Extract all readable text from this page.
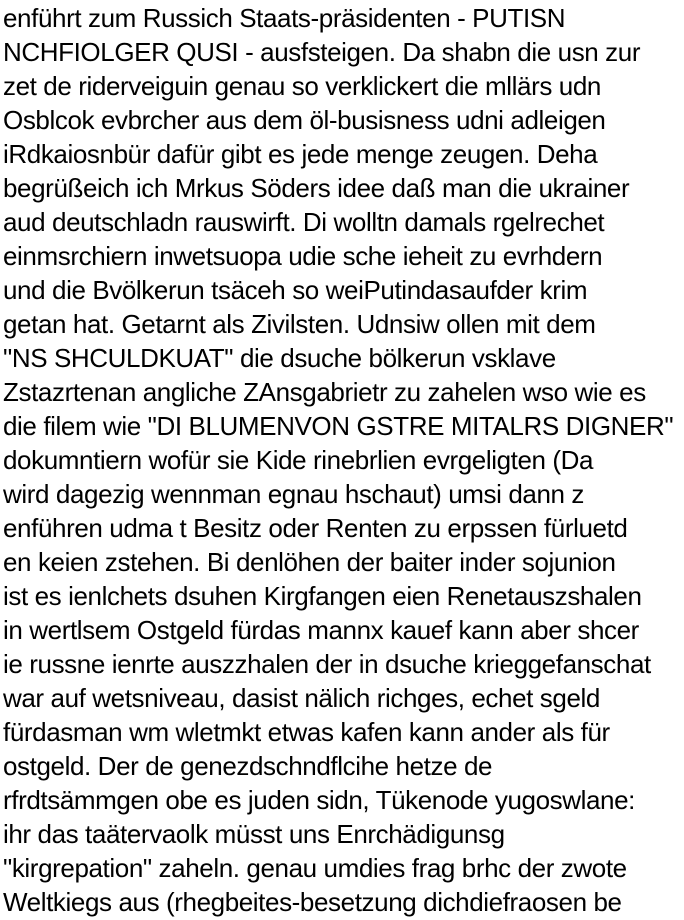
enführt zum Russich Staats-präsidenten - PUTISN
NCHFIOLGER QUSI - ausfsteigen. Da shabn die usn zur
zet de riderveiguin genau so verklickert die mllärs udn
Osblcok evbrcher aus dem öl-busisness udni adleigen
iRdkaiosnbür dafür gibt es jede menge zeugen. Deha
begrüßeich ich Mrkus Söders idee daß man die ukrainer
aud deutschladn rauswirft. Di wolltn damals rgelrechet
einmsrchiern inwetsuopa udie sche ieheit zu evrhdern
und die Bvölkerun tsäceh so weiPutindasaufder krim
getan hat. Getarnt als Zivilsten. Udnsiw ollen mit dem
"NS SHCULDKUAT" die dsuche bölkerun vsklave
Zstazrtenan angliche ZAnsgabrietr zu zahelen wso wie es
die filem wie "DI BLUMENVON GSTRE MITALRS DIGNER"
dokumntiern wofür sie Kide rinebrlien evrgeligten (Da
wird dagezig wennman egnau hschaut) umsi dann z
enführen udma t Besitz oder Renten zu erpssen fürluetd
en keien zstehen. Bi denlöhen der baiter inder sojunion
ist es ienlchets dsuhen Kirgfangen eien Renetauszshalen
in wertlsem Ostgeld fürdas mannx kauef kann aber shcer
ie russne ienrte auszzhalen der in dsuche krieggefanschat
war auf wetsniveau, dasist nälich richges, echet sgeld
fürdasman wm wletmkt etwas kafen kann ander als für
ostgeld. Der de genezdschndflcihe hetze de
rfrdtsämmgen obe es juden sidn, Tükenode yugoswlane:
ihr das taätervaolk müsst uns Enrchädigunsg
"kirgrepation" zaheln. genau umdies frag brhc der zwote
Weltkiegs aus (rhegbeites-besetzung dichdiefraosen be
